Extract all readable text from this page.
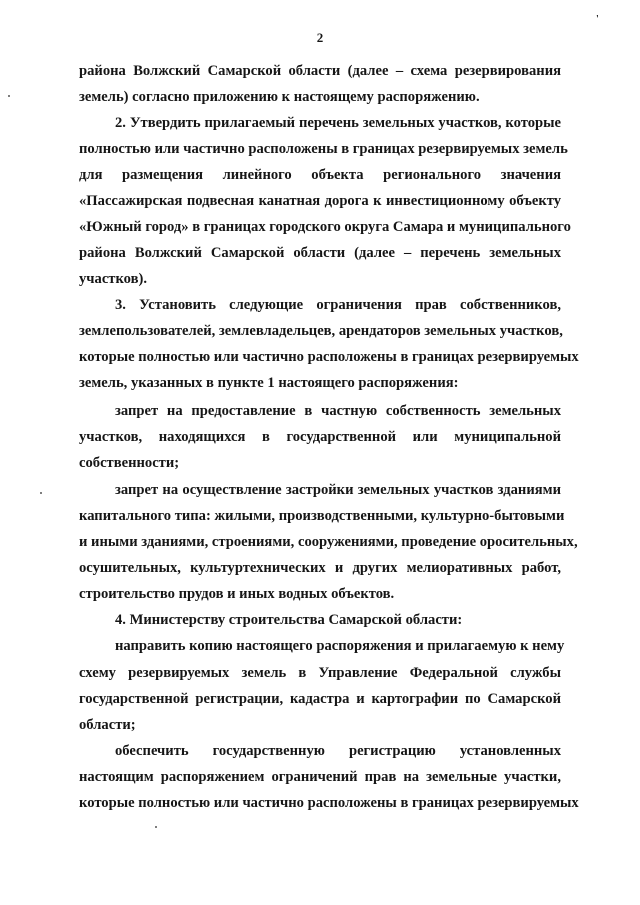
2
'
района Волжский Самарской области (далее – схема резервирования
земель) согласно приложению к настоящему распоряжению.
2. Утвердить прилагаемый перечень земельных участков, которые
полностью или частично расположены в границах резервируемых земель
для размещения линейного объекта регионального значения
«Пассажирская подвесная канатная дорога к инвестиционному объекту
«Южный город» в границах городского округа Самара и муниципального
района Волжский Самарской области (далее – перечень земельных
участков).
3. Установить следующие ограничения прав собственников,
землепользователей, землевладельцев, арендаторов земельных участков,
которые полностью или частично расположены в границах резервируемых
земель, указанных в пункте 1 настоящего распоряжения:
запрет на предоставление в частную собственность земельных
участков, находящихся в государственной или муниципальной
собственности;
запрет на осуществление застройки земельных участков зданиями
капитального типа: жилыми, производственными, культурно-бытовыми
и иными зданиями, строениями, сооружениями, проведение оросительных,
осушительных, культуртехнических и других мелиоративных работ,
строительство прудов и иных водных объектов.
4. Министерству строительства Самарской области:
направить копию настоящего распоряжения и прилагаемую к нему
схему резервируемых земель в Управление Федеральной службы
государственной регистрации, кадастра и картографии по Самарской
области;
обеспечить государственную регистрацию установленных
настоящим распоряжением ограничений прав на земельные участки,
которые полностью или частично расположены в границах резервируемых
